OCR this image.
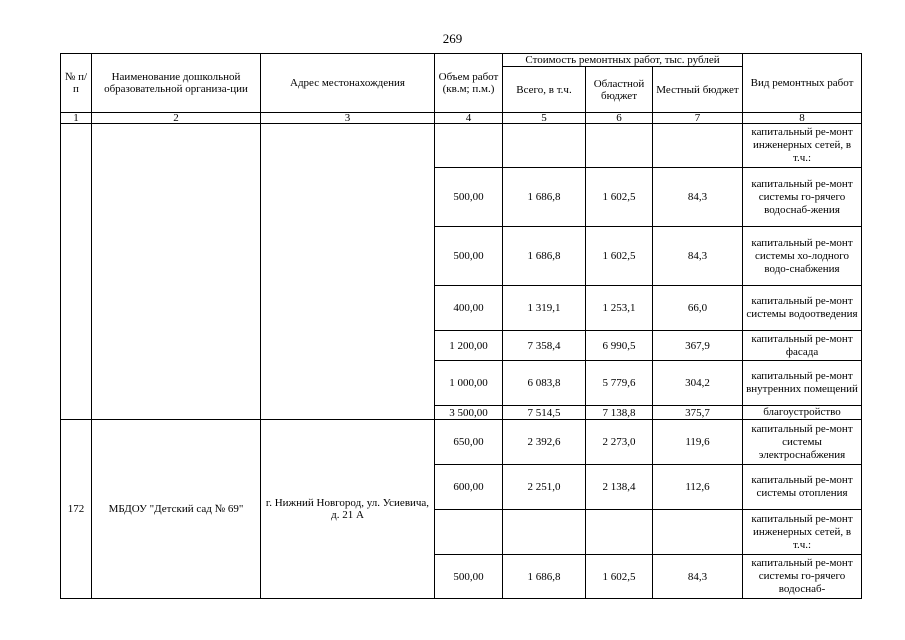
269
№ п/п	Наименование дошкольной образовательной организа-ции	Адрес местонахождения	Объем работ (кв.м; п.м.)	Стоимость ремонтных работ, тыс. рублей			Вид ремонтных работ
				Всего, в т.ч.	Областной бюджет	Местный бюджет	
1	2	3	4	5	6	7	8
							капитальный ре-монт инженерных сетей, в т.ч.:
			500,00	1 686,8	1 602,5	84,3	капитальный ре-монт системы го-рячего водоснаб-жения
			500,00	1 686,8	1 602,5	84,3	капитальный ре-монт системы хо-лодного водо-снабжения
			400,00	1 319,1	1 253,1	66,0	капитальный ре-монт системы водоотведения
			1 200,00	7 358,4	6 990,5	367,9	капитальный ре-монт фасада
			1 000,00	6 083,8	5 779,6	304,2	капитальный ре-монт внутренних помещений
			3 500,00	7 514,5	7 138,8	375,7	благоустройство
172	МБДОУ "Детский сад № 69"	г. Нижний Новгород, ул. Усиевича, д. 21 А	650,00	2 392,6	2 273,0	119,6	капитальный ре-монт системы электроснабжения
			600,00	2 251,0	2 138,4	112,6	капитальный ре-монт системы отопления
							капитальный ре-монт инженерных сетей, в т.ч.:
			500,00	1 686,8	1 602,5	84,3	капитальный ре-монт системы го-рячего водоснаб-
